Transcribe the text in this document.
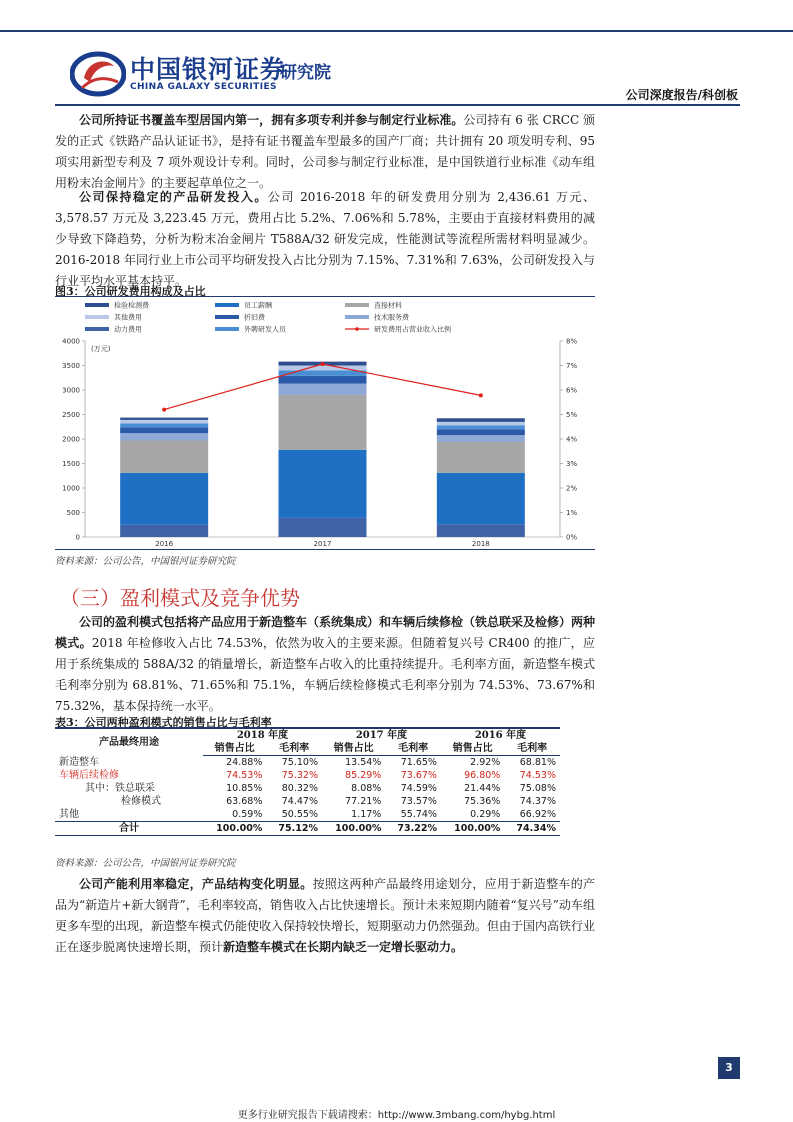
中国银河证券
研究院
CHINA GALAXY SECURITIES
公司深度报告/科创板
公司所持证书覆盖车型居国内第一，拥有多项专利并参与制定行业标准。公司持有 6 张 CRCC 颁发的正式《铁路产品认证证书》，是持有证书覆盖车型最多的国产厂商；共计拥有 20 项发明专利、95 项实用新型专利及 7 项外观设计专利。同时，公司参与制定行业标准，是中国铁道行业标准《动车组用粉末冶金闸片》的主要起草单位之一。
公司保持稳定的产品研发投入。公司 2016-2018 年的研发费用分别为 2,436.61 万元、3,578.57 万元及 3,223.45 万元，费用占比 5.2%、7.06%和 5.78%，主要由于直接材料费用的减少导致下降趋势，分析为粉末冶金闸片 T588A/32 研发完成，性能测试等流程所需材料明显减少。2016-2018 年同行业上市公司平均研发投入占比分别为 7.15%、7.31%和 7.63%，公司研发投入与行业平均水平基本持平。
图3：公司研发费用构成及占比
检验检测费	员工薪酬	直接材料
其他费用	折旧费	技术服务费
动力费用	外聘研发人员	研发费用占营业收入比例
0
500
1000
1500
2000
2500
3000
3500
4000
0%
1%
2%
3%
4%
5%
6%
7%
8%
(万元)
2016	2017	2018
资料来源：公司公告，中国银河证券研究院
（三）盈利模式及竞争优势
公司的盈利模式包括将产品应用于新造整车（系统集成）和车辆后续修检（铁总联采及检修）两种模式。2018 年检修收入占比 74.53%，依然为收入的主要来源。但随着复兴号 CR400 的推广，应用于系统集成的 588A/32 的销量增长，新造整车占收入的比重持续提升。毛利率方面，新造整车模式毛利率分别为 68.81%、71.65%和 75.1%，车辆后续检修模式毛利率分别为 74.53%、73.67%和 75.32%，基本保持统一水平。
表3：公司两种盈利模式的销售占比与毛利率
产品最终用途	2018 年度		2017 年度		2016 年度	
	销售占比	毛利率	销售占比	毛利率	销售占比	毛利率
新造整车	24.88%	75.10%	13.54%	71.65%	2.92%	68.81%
车辆后续检修	74.53%	75.32%	85.29%	73.67%	96.80%	74.53%
其中：铁总联采	10.85%	80.32%	8.08%	74.59%	21.44%	75.08%
检修模式	63.68%	74.47%	77.21%	73.57%	75.36%	74.37%
其他	0.59%	50.55%	1.17%	55.74%	0.29%	66.92%
合计	100.00%	75.12%	100.00%	73.22%	100.00%	74.34%
资料来源：公司公告，中国银河证券研究院
公司产能利用率稳定，产品结构变化明显。按照这两种产品最终用途划分，应用于新造整车的产品为“新造片+新大钢背”，毛利率较高，销售收入占比快速增长。预计未来短期内随着“复兴号”动车组更多车型的出现，新造整车模式仍能使收入保持较快增长，短期驱动力仍然强劲。但由于国内高铁行业正在逐步脱离快速增长期，预计新造整车模式在长期内缺乏一定增长驱动力。
3
更多行业研究报告下载请搜索：http://www.3mbang.com/hybg.html
